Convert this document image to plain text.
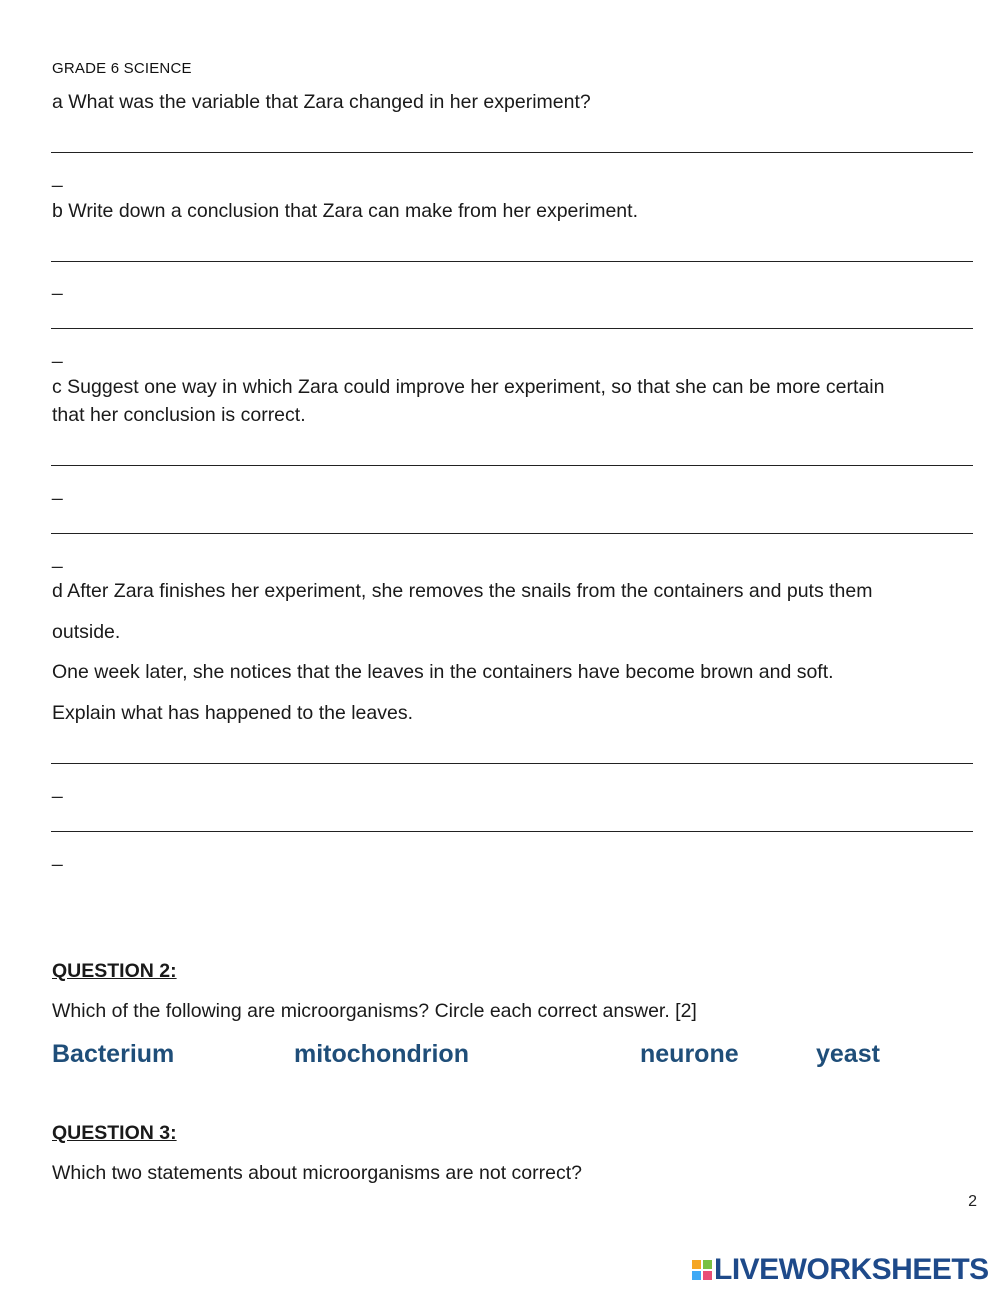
GRADE 6 SCIENCE
a What was the variable that Zara changed in her experiment?
_
b Write down a conclusion that Zara can make from her experiment.
_
_
c Suggest one way in which Zara could improve her experiment, so that she can be more certain
that her conclusion is correct.
_
_
d After Zara finishes her experiment, she removes the snails from the containers and puts them
outside.
One week later, she notices that the leaves in the containers have become brown and soft.
Explain what has happened to the leaves.
_
_
QUESTION 2:
Which of the following are microorganisms? Circle each correct answer. [2]
Bacterium	mitochondrion	neurone	yeast
QUESTION 3:
Which two statements about microorganisms are not correct?
2
LIVEWORKSHEETS
